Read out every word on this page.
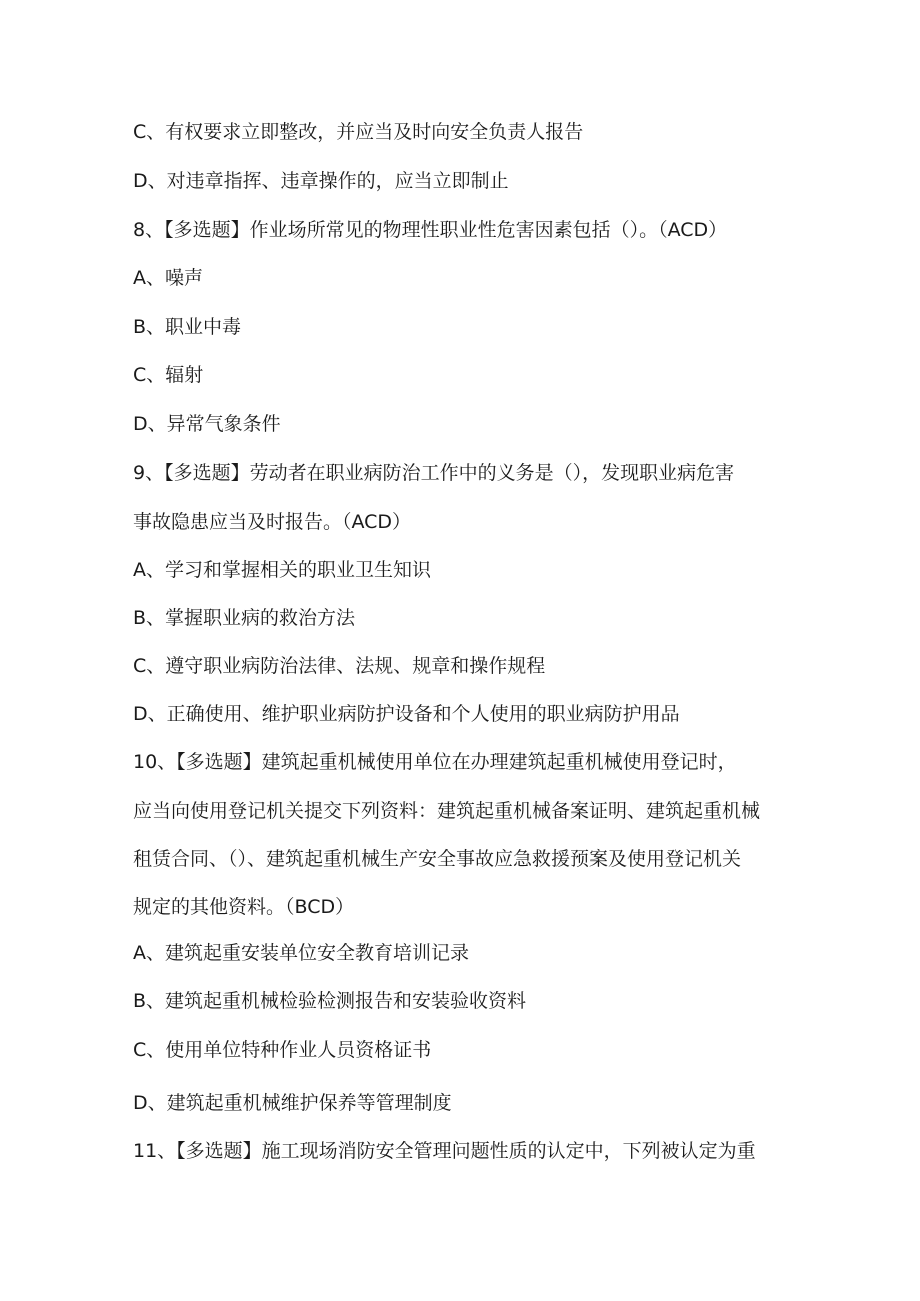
C、有权要求立即整改，并应当及时向安全负责人报告
D、对违章指挥、违章操作的，应当立即制止
8、【多选题】作业场所常见的物理性职业性危害因素包括（）。（ACD）
A、噪声
B、职业中毒
C、辐射
D、异常气象条件
9、【多选题】劳动者在职业病防治工作中的义务是（），发现职业病危害
事故隐患应当及时报告。（ACD）
A、学习和掌握相关的职业卫生知识
B、掌握职业病的救治方法
C、遵守职业病防治法律、法规、规章和操作规程
D、正确使用、维护职业病防护设备和个人使用的职业病防护用品
10、【多选题】建筑起重机械使用单位在办理建筑起重机械使用登记时，
应当向使用登记机关提交下列资料：建筑起重机械备案证明、建筑起重机械
租赁合同、（）、建筑起重机械生产安全事故应急救援预案及使用登记机关
规定的其他资料。（BCD）
A、建筑起重安装单位安全教育培训记录
B、建筑起重机械检验检测报告和安装验收资料
C、使用单位特种作业人员资格证书
D、建筑起重机械维护保养等管理制度
11、【多选题】施工现场消防安全管理问题性质的认定中，下列被认定为重
